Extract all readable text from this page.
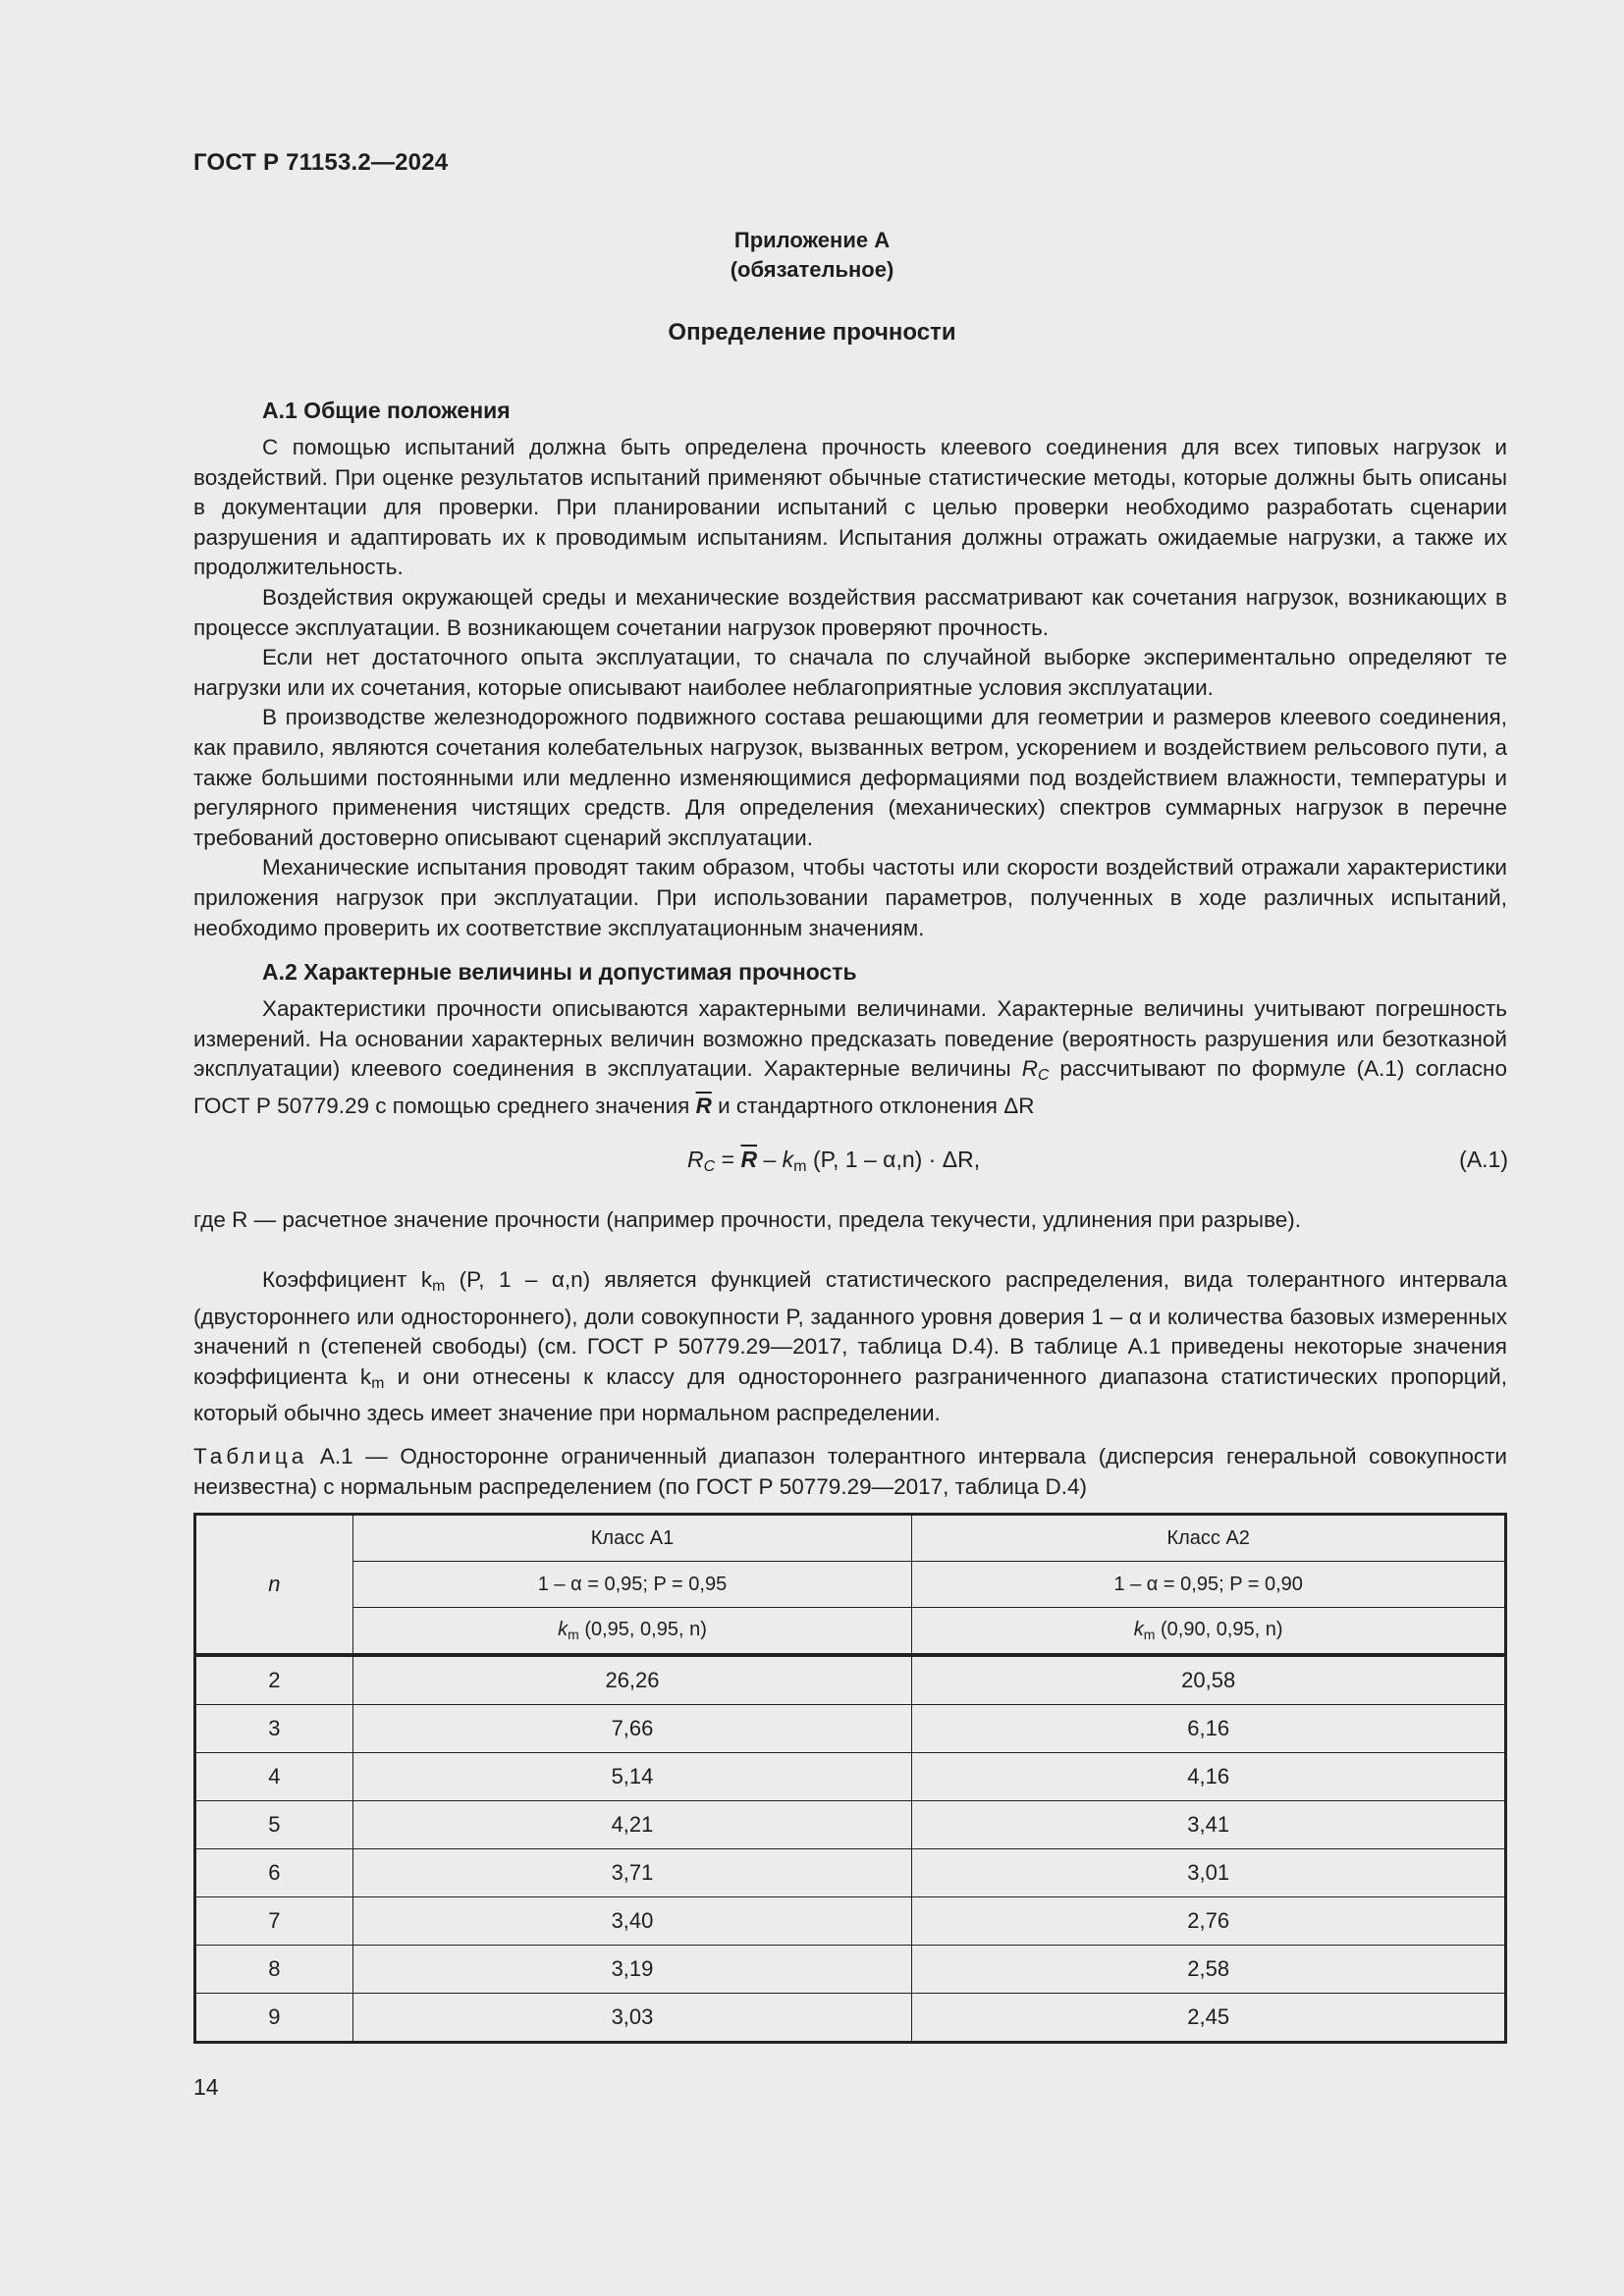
ГОСТ Р 71153.2—2024
Приложение А
(обязательное)
Определение прочности
А.1 Общие положения

С помощью испытаний должна быть определена прочность клеевого соединения для всех типовых нагрузок и воздействий. При оценке результатов испытаний применяют обычные статистические методы, которые должны быть описаны в документации для проверки. При планировании испытаний с целью проверки необходимо разработать сценарии разрушения и адаптировать их к проводимым испытаниям. Испытания должны отражать ожидаемые нагрузки, а также их продолжительность.

Воздействия окружающей среды и механические воздействия рассматривают как сочетания нагрузок, возникающих в процессе эксплуатации. В возникающем сочетании нагрузок проверяют прочность.

Если нет достаточного опыта эксплуатации, то сначала по случайной выборке экспериментально определяют те нагрузки или их сочетания, которые описывают наиболее неблагоприятные условия эксплуатации.

В производстве железнодорожного подвижного состава решающими для геометрии и размеров клеевого соединения, как правило, являются сочетания колебательных нагрузок, вызванных ветром, ускорением и воздействием рельсового пути, а также большими постоянными или медленно изменяющимися деформациями под воздействием влажности, температуры и регулярного применения чистящих средств. Для определения (механических) спектров суммарных нагрузок в перечне требований достоверно описывают сценарий эксплуатации.

Механические испытания проводят таким образом, чтобы частоты или скорости воздействий отражали характеристики приложения нагрузок при эксплуатации. При использовании параметров, полученных в ходе различных испытаний, необходимо проверить их соответствие эксплуатационным значениям.

А.2 Характерные величины и допустимая прочность

Характеристики прочности описываются характерными величинами. Характерные величины учитывают погрешность измерений. На основании характерных величин возможно предсказать поведение (вероятность разрушения или безотказной эксплуатации) клеевого соединения в эксплуатации. Характерные величины $R_C$ рассчитывают по формуле (А.1) согласно ГОСТ Р 50779.29 с помощью среднего значения $\overline{R}$ и стандартного отклонения ΔR

$R_C = \overline{R} - k_m$ (P, 1 – α,n) · ΔR,	(А.1)
где R — расчетное значение прочности (например прочности, предела текучести, удлинения при разрыве).

Коэффициент $k_m$ (P, 1 – α,n) является функцией статистического распределения, вида толерантного интервала (двустороннего или одностороннего), доли совокупности P, заданного уровня доверия 1 – α и количества базовых измеренных значений n (степеней свободы) (см. ГОСТ Р 50779.29—2017, таблица D.4). В таблице А.1 приведены некоторые значения коэффициента $k_m$ и они отнесены к классу для одностороннего разграниченного диапазона статистических пропорций, который обычно здесь имеет значение при нормальном распределении.

Таблица А.1 — Односторонне ограниченный диапазон толерантного интервала (дисперсия генеральной совокупности неизвестна) с нормальным распределением (по ГОСТ Р 50779.29—2017, таблица D.4)
n	Класс А1	Класс А2
	1 – α = 0,95; P = 0,95	1 – α = 0,95; P = 0,90
	$k_m$ (0,95, 0,95, n)	$k_m$ (0,90, 0,95, n)
2	26,26	20,58
3	7,66	6,16
4	5,14	4,16
5	4,21	3,41
6	3,71	3,01
7	3,40	2,76
8	3,19	2,58
9	3,03	2,45
14
